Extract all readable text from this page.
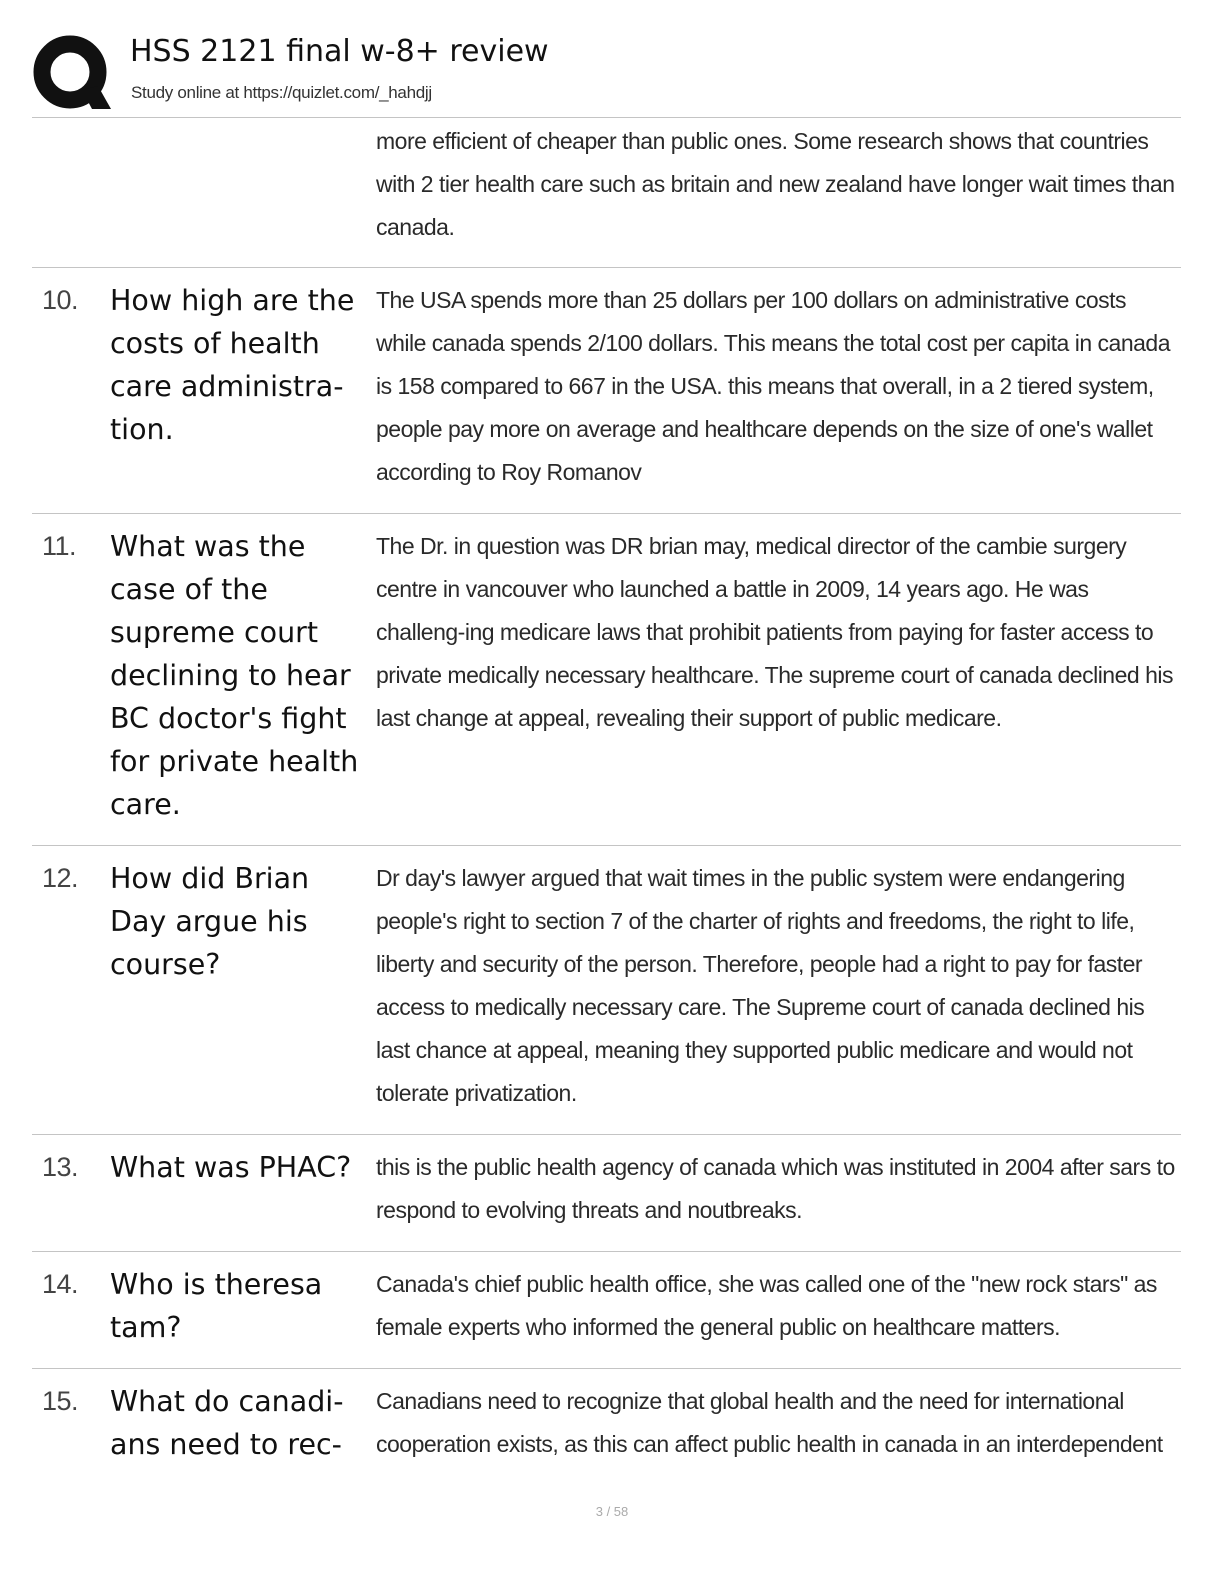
HSS 2121 final w-8+ review
Study online at https://quizlet.com/_hahdjj
more efficient of cheaper than public ones. Some research shows that countries with 2 tier health care such as britain and new zealand have longer wait times than canada.
10. How high are the costs of health care administra-tion.
The USA spends more than 25 dollars per 100 dollars on administrative costs while canada spends 2/100 dollars. This means the total cost per capita in canada is 158 compared to 667 in the USA. this means that overall, in a 2 tiered system, people pay more on average and healthcare depends on the size of one's wallet according to Roy Romanov
11. What was the case of the supreme court declining to hear BC doctor's fight for private health care.
The Dr. in question was DR brian may, medical director of the cambie surgery centre in vancouver who launched a battle in 2009, 14 years ago. He was challeng-ing medicare laws that prohibit patients from paying for faster access to private medically necessary healthcare. The supreme court of canada declined his last change at appeal, revealing their support of public medicare.
12. How did Brian Day argue his course?
Dr day's lawyer argued that wait times in the public system were endangering people's right to section 7 of the charter of rights and freedoms, the right to life, liberty and security of the person. Therefore, people had a right to pay for faster access to medically necessary care. The Supreme court of canada declined his last chance at appeal, meaning they supported public medicare and would not tolerate privatization.
13. What was PHAC?	this is the public health agency of canada which was instituted in 2004 after sars to respond to evolving threats and noutbreaks.
14. Who is theresa tam?
Canada's chief public health office, she was called one of the "new rock stars" as female experts who informed the general public on healthcare matters.
15. What do canadi-ans need to rec-
Canadians need to recognize that global health and the need for international cooperation exists, as this can affect public health in canada in an interdependent
3 / 58
